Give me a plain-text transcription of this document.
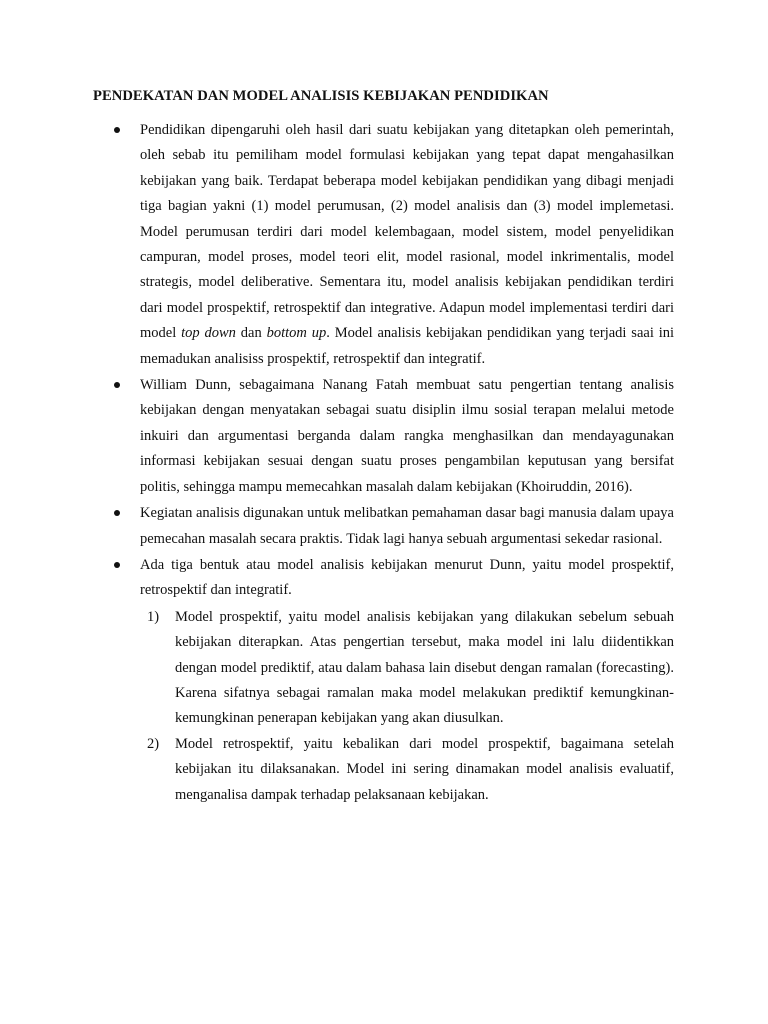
PENDEKATAN DAN MODEL ANALISIS KEBIJAKAN PENDIDIKAN
Pendidikan dipengaruhi oleh hasil dari suatu kebijakan yang ditetapkan oleh pemerintah, oleh sebab itu pemiliham model formulasi kebijakan yang tepat dapat mengahasilkan kebijakan yang baik. Terdapat beberapa model kebijakan pendidikan yang dibagi menjadi tiga bagian yakni (1) model perumusan, (2) model analisis dan (3) model implemetasi. Model perumusan terdiri dari model kelembagaan, model sistem, model penyelidikan campuran, model proses, model teori elit, model rasional, model inkrimentalis, model strategis, model deliberative. Sementara itu, model analisis kebijakan pendidikan terdiri dari model prospektif, retrospektif dan integrative. Adapun model implementasi terdiri dari model top down dan bottom up. Model analisis kebijakan pendidikan yang terjadi saai ini memadukan analisiss prospektif, retrospektif dan integratif.
William Dunn, sebagaimana Nanang Fatah membuat satu pengertian tentang analisis kebijakan dengan menyatakan sebagai suatu disiplin ilmu sosial terapan melalui metode inkuiri dan argumentasi berganda dalam rangka menghasilkan dan mendayagunakan informasi kebijakan sesuai dengan suatu proses pengambilan keputusan yang bersifat politis, sehingga mampu memecahkan masalah dalam kebijakan (Khoiruddin, 2016).
Kegiatan analisis digunakan untuk melibatkan pemahaman dasar bagi manusia dalam upaya pemecahan masalah secara praktis. Tidak lagi hanya sebuah argumentasi sekedar rasional.
Ada tiga bentuk atau model analisis kebijakan menurut Dunn, yaitu model prospektif, retrospektif dan integratif.
1) Model prospektif, yaitu model analisis kebijakan yang dilakukan sebelum sebuah kebijakan diterapkan. Atas pengertian tersebut, maka model ini lalu diidentikkan dengan model prediktif, atau dalam bahasa lain disebut dengan ramalan (forecasting). Karena sifatnya sebagai ramalan maka model melakukan prediktif kemungkinan- kemungkinan penerapan kebijakan yang akan diusulkan.
2) Model retrospektif, yaitu kebalikan dari model prospektif, bagaimana setelah kebijakan itu dilaksanakan. Model ini sering dinamakan model analisis evaluatif, menganalisa dampak terhadap pelaksanaan kebijakan.
